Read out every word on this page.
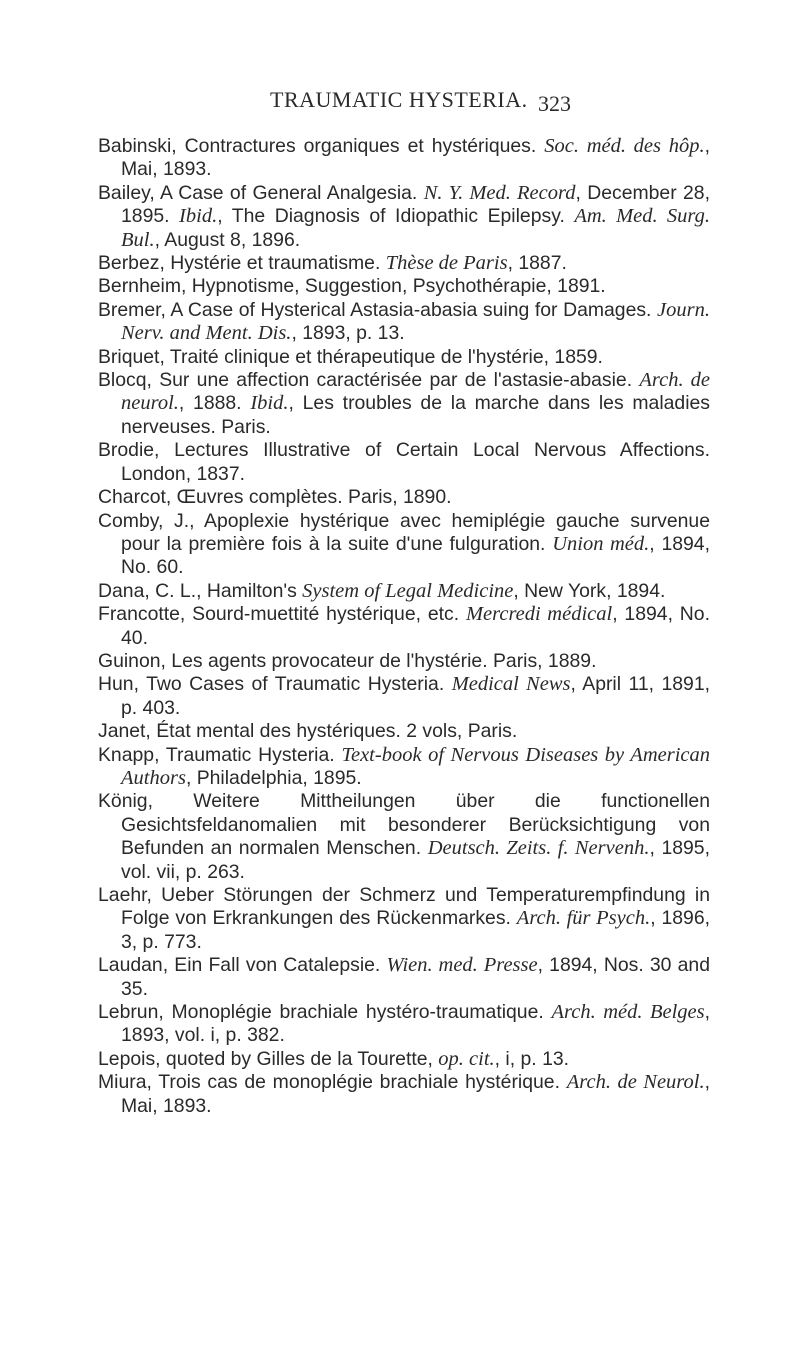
TRAUMATIC HYSTERIA. 323
Babinski, Contractures organiques et hystériques. Soc. méd. des hôp., Mai, 1893.
Bailey, A Case of General Analgesia. N. Y. Med. Record, December 28, 1895. Ibid., The Diagnosis of Idiopathic Epilepsy. Am. Med. Surg. Bul., August 8, 1896.
Berbez, Hystérie et traumatisme. Thèse de Paris, 1887.
Bernheim, Hypnotisme, Suggestion, Psychothérapie, 1891.
Bremer, A Case of Hysterical Astasia-abasia suing for Damages. Journ. Nerv. and Ment. Dis., 1893, p. 13.
Briquet, Traité clinique et thérapeutique de l'hystérie, 1859.
Blocq, Sur une affection caractérisée par de l'astasie-abasie. Arch. de neurol., 1888. Ibid., Les troubles de la marche dans les maladies nerveuses. Paris.
Brodie, Lectures Illustrative of Certain Local Nervous Affections. London, 1837.
Charcot, Œuvres complètes. Paris, 1890.
Comby, J., Apoplexie hystérique avec hemiplégie gauche survenue pour la première fois à la suite d'une fulguration. Union méd., 1894, No. 60.
Dana, C. L., Hamilton's System of Legal Medicine, New York, 1894.
Francotte, Sourd-muettité hystérique, etc. Mercredi médical, 1894, No. 40.
Guinon, Les agents provocateur de l'hystérie. Paris, 1889.
Hun, Two Cases of Traumatic Hysteria. Medical News, April 11, 1891, p. 403.
Janet, État mental des hystériques. 2 vols, Paris.
Knapp, Traumatic Hysteria. Text-book of Nervous Diseases by American Authors, Philadelphia, 1895.
König, Weitere Mittheilungen über die functionellen Gesichtsfeldanomalien mit besonderer Berücksichtigung von Befunden an normalen Menschen. Deutsch. Zeits. f. Nervenh., 1895, vol. vii, p. 263.
Laehr, Ueber Störungen der Schmerz und Temperaturempfindung in Folge von Erkrankungen des Rückenmarkes. Arch. für Psych., 1896, 3, p. 773.
Laudan, Ein Fall von Catalepsie. Wien. med. Presse, 1894, Nos. 30 and 35.
Lebrun, Monoplégie brachiale hystéro-traumatique. Arch. méd. Belges, 1893, vol. i, p. 382.
Lepois, quoted by Gilles de la Tourette, op. cit., i, p. 13.
Miura, Trois cas de monoplégie brachiale hystérique. Arch. de Neurol., Mai, 1893.
